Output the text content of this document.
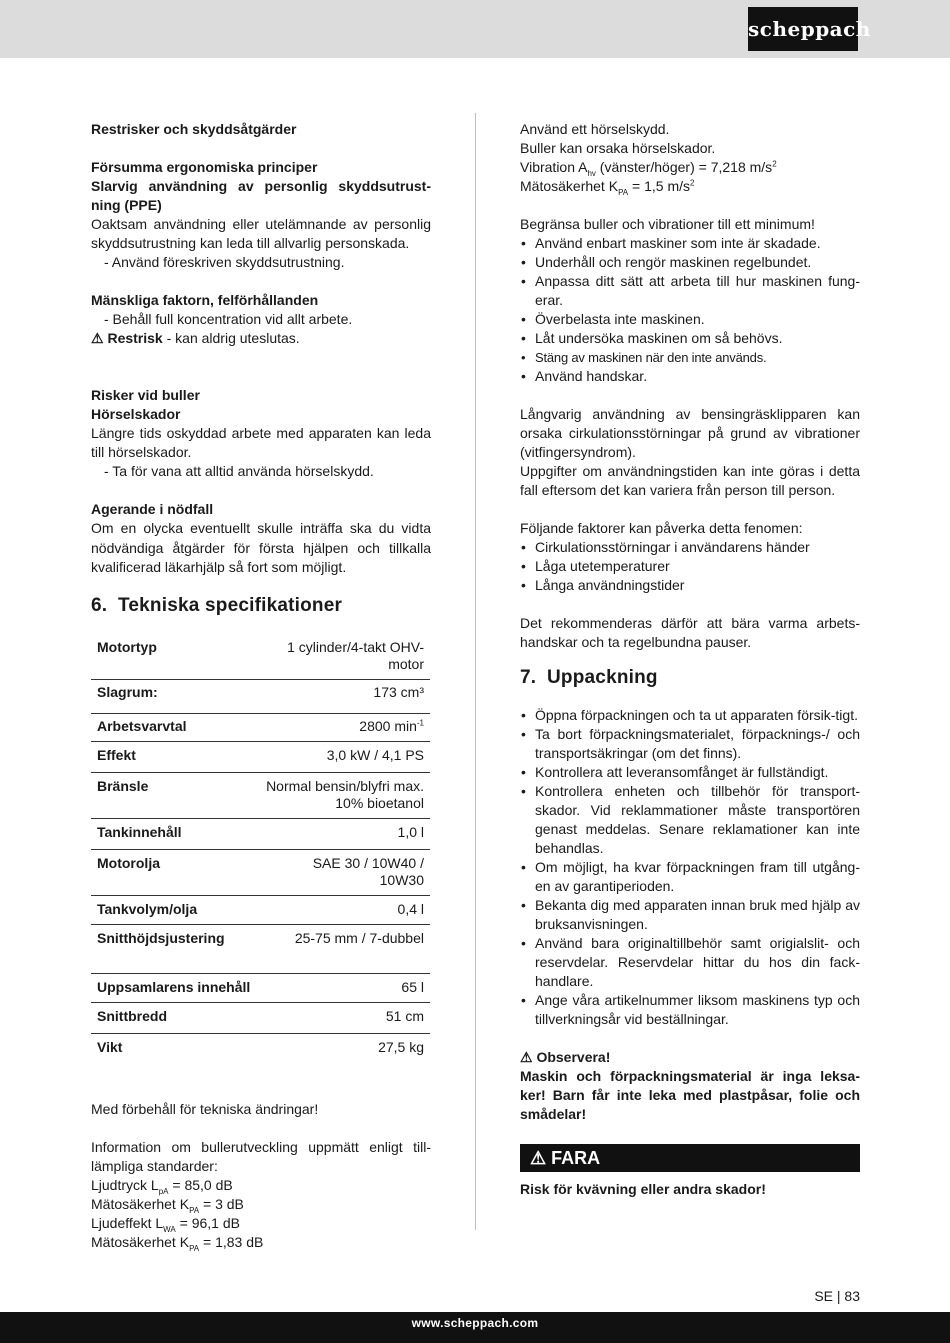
scheppach

Restrisker och skyddsåtgärder

Försumma ergonomiska principer

Slarvig användning av personlig skyddsutrust-ning (PPE)

Oaktsam användning eller utelämnande av personlig skyddsutrustning kan leda till allvarlig personskada.

- Använd föreskriven skyddsutrustning.

Mänskliga faktorn, felförhållanden

- Behåll full koncentration vid allt arbete.

⚠ Restrisk - kan aldrig uteslutas.

Risker vid buller

Hörselskador

Längre tids oskyddad arbete med apparaten kan leda till hörselskador.

- Ta för vana att alltid använda hörselskydd.

Agerande i nödfall

Om en olycka eventuellt skulle inträffa ska du vidta nödvändiga åtgärder för första hjälpen och tillkalla kvalificerad läkarhjälp så fort som möjligt.

6. Tekniska specifikationer
Motortyp	1 cylinder/4-takt OHV-motor
Slagrum:	173 cm³
Arbetsvarvtal	2800 $\min^{-1}$
Effekt	3,0 kW / 4,1 PS
Bränsle	Normal bensin/blyfri max. 10% bioetanol
Tankinnehåll	1,0 l
Motorolja	SAE 30 / 10W40 / 10W30
Tankvolym/olja	0,4 l
Snitthöjdsjustering	25-75 mm / 7-dubbel

Uppsamlarens innehåll	65 l
Snittbredd	51 cm
Vikt	27,5 kg

Med förbehåll för tekniska ändringar!

Information om bullerutveckling uppmätt enligt till-lämpliga standarder:

Ljudtryck $L_{pA} = 85,0$ dB

Mätosäkerhet $K_{PA} = 3$ dB

Ljudeffekt $L_{WA} = 96,1$ dB

Mätosäkerhet $K_{PA} = 1,83$ dB

Använd ett hörselskydd.

Buller kan orsaka hörselskador.

Vibration $A_{hv}$ (vänster/höger) = 7,218 $m/s^2$

Mätosäkerhet $K_{PA} = 1,5$ $m/s^2$

Begränsa buller och vibrationer till ett minimum!

• Använd enbart maskiner som inte är skadade.
• Underhåll och rengör maskinen regelbundet.
• Anpassa ditt sätt att arbeta till hur maskinen fung-erar.
• Överbelasta inte maskinen.
• Låt undersöka maskinen om så behövs.
• Stäng av maskinen när den inte används.
• Använd handskar.

Långvarig användning av bensingräsklipparen kan orsaka cirkulationsstörningar på grund av vibrationer (vitfingersyndrom).

Uppgifter om användningstiden kan inte göras i detta fall eftersom det kan variera från person till person.

Följande faktorer kan påverka detta fenomen:

• Cirkulationsstörningar i användarens händer
• Låga utetemperaturer
• Långa användningstider

Det rekommenderas därför att bära varma arbets-handskar och ta regelbundna pauser.

7. Uppackning
• Öppna förpackningen och ta ut apparaten försik-tigt.
• Ta bort förpackningsmaterialet, förpacknings-/ och transportsäkringar (om det finns).
• Kontrollera att leveransomfånget är fullständigt.
• Kontrollera enheten och tillbehör för transport-skador. Vid reklammationer måste transportören genast meddelas. Senare reklamationer kan inte behandlas.
• Om möjligt, ha kvar förpackningen fram till utgång-en av garantiperioden.
• Bekanta dig med apparaten innan bruk med hjälp av bruksanvisningen.
• Använd bara originaltillbehör samt origialslit- och reservdelar. Reservdelar hittar du hos din fack-handlare.
• Ange våra artikelnummer liksom maskinens typ och tillverkningsår vid beställningar.

⚠ Observera!

Maskin och förpackningsmaterial är inga leksa-ker! Barn får inte leka med plastpåsar, folie och smådelar!

⚠ FARA

Risk för kvävning eller andra skador!

SE | 83
www.scheppach.com
